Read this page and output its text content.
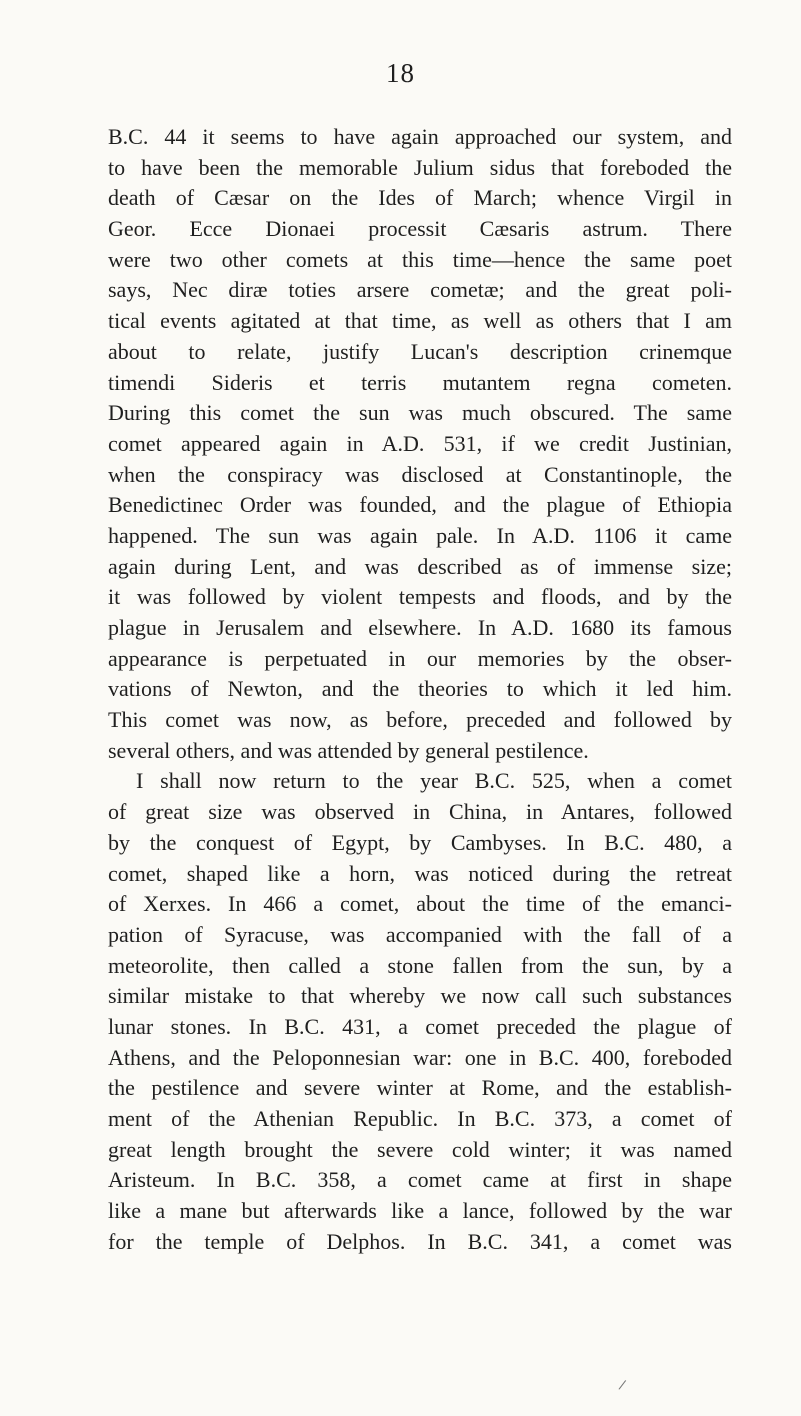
18
B.C. 44 it seems to have again approached our system, and
to have been the memorable Julium sidus that foreboded the
death of Cæsar on the Ides of March; whence Virgil in
Geor. Ecce Dionaei processit Cæsaris astrum. There
were two other comets at this time—hence the same poet
says, Nec diræ toties arsere cometæ; and the great poli-
tical events agitated at that time, as well as others that I am
about to relate, justify Lucan's description crinemque
timendi Sideris et terris mutantem regna cometen.
During this comet the sun was much obscured. The same
comet appeared again in A.D. 531, if we credit Justinian,
when the conspiracy was disclosed at Constantinople, the
Benedictinec Order was founded, and the plague of Ethiopia
happened. The sun was again pale. In A.D. 1106 it came
again during Lent, and was described as of immense size;
it was followed by violent tempests and floods, and by the
plague in Jerusalem and elsewhere. In A.D. 1680 its famous
appearance is perpetuated in our memories by the obser-
vations of Newton, and the theories to which it led him.
This comet was now, as before, preceded and followed by
several others, and was attended by general pestilence.
I shall now return to the year B.C. 525, when a comet
of great size was observed in China, in Antares, followed
by the conquest of Egypt, by Cambyses. In B.C. 480, a
comet, shaped like a horn, was noticed during the retreat
of Xerxes. In 466 a comet, about the time of the emanci-
pation of Syracuse, was accompanied with the fall of a
meteorolite, then called a stone fallen from the sun, by a
similar mistake to that whereby we now call such substances
lunar stones. In B.C. 431, a comet preceded the plague of
Athens, and the Peloponnesian war: one in B.C. 400, foreboded
the pestilence and severe winter at Rome, and the establish-
ment of the Athenian Republic. In B.C. 373, a comet of
great length brought the severe cold winter; it was named
Aristeum. In B.C. 358, a comet came at first in shape
like a mane but afterwards like a lance, followed by the war
for the temple of Delphos. In B.C. 341, a comet was
/
